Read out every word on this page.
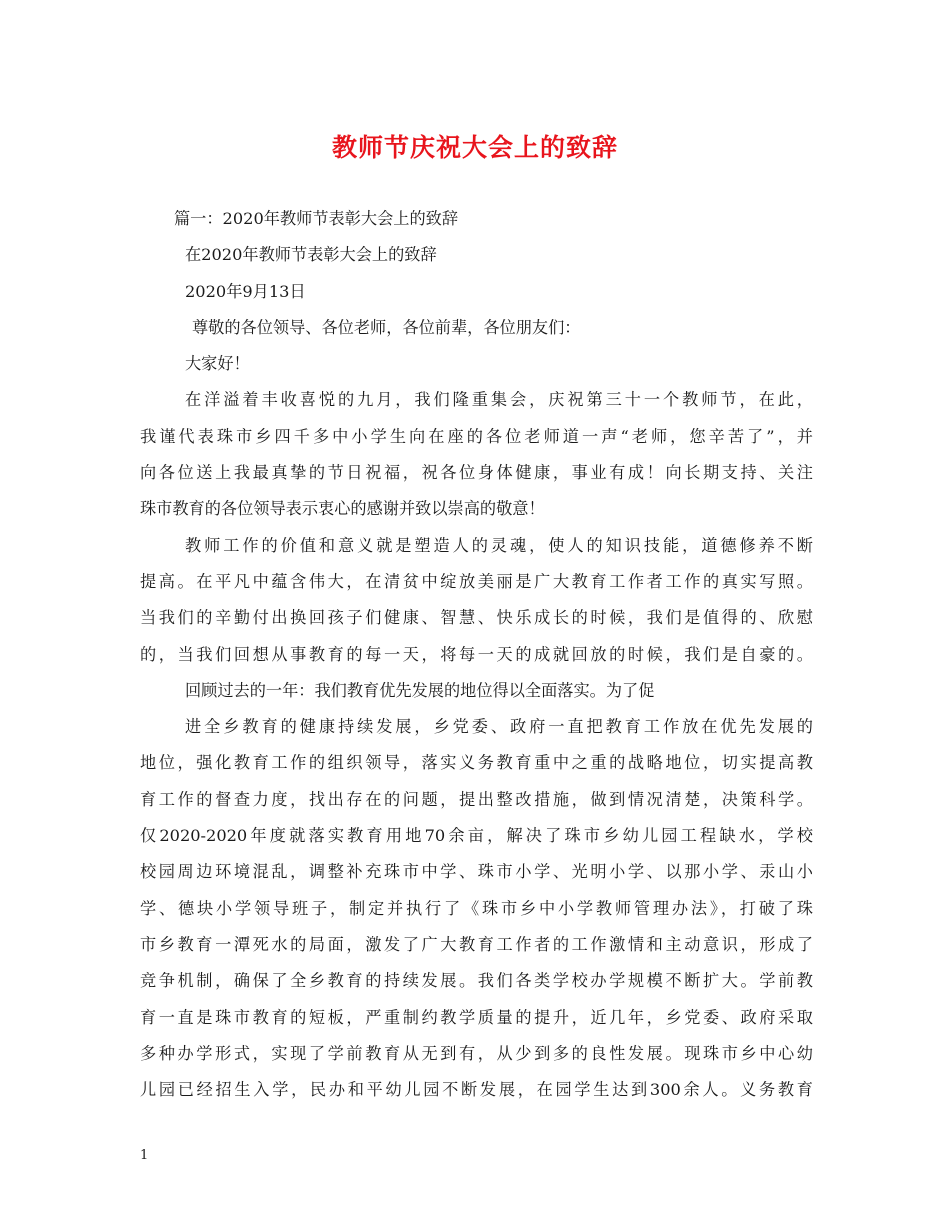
教师节庆祝大会上的致辞
篇一：2020年教师节表彰大会上的致辞
在2020年教师节表彰大会上的致辞
2020年9月13日
尊敬的各位领导、各位老师，各位前辈，各位朋友们：
大家好！
在洋溢着丰收喜悦的九月，我们隆重集会，庆祝第三十一个教师节，在此，
我谨代表珠市乡四千多中小学生向在座的各位老师道一声“老师，您辛苦了”，并
向各位送上我最真挚的节日祝福，祝各位身体健康，事业有成！向长期支持、关注
珠市教育的各位领导表示衷心的感谢并致以崇高的敬意！
教师工作的价值和意义就是塑造人的灵魂，使人的知识技能，道德修养不断
提高。在平凡中蕴含伟大，在清贫中绽放美丽是广大教育工作者工作的真实写照。
当我们的辛勤付出换回孩子们健康、智慧、快乐成长的时候，我们是值得的、欣慰
的，当我们回想从事教育的每一天，将每一天的成就回放的时候，我们是自豪的。
回顾过去的一年：我们教育优先发展的地位得以全面落实。为了促
进全乡教育的健康持续发展，乡党委、政府一直把教育工作放在优先发展的
地位，强化教育工作的组织领导，落实义务教育重中之重的战略地位，切实提高教
育工作的督查力度，找出存在的问题，提出整改措施，做到情况清楚，决策科学。
仅2020-2020年度就落实教育用地70余亩，解决了珠市乡幼儿园工程缺水，学校
校园周边环境混乱，调整补充珠市中学、珠市小学、光明小学、以那小学、汞山小
学、德块小学领导班子，制定并执行了《珠市乡中小学教师管理办法》，打破了珠
市乡教育一潭死水的局面，激发了广大教育工作者的工作激情和主动意识，形成了
竞争机制，确保了全乡教育的持续发展。我们各类学校办学规模不断扩大。学前教
育一直是珠市教育的短板，严重制约教学质量的提升，近几年，乡党委、政府采取
多种办学形式，实现了学前教育从无到有，从少到多的良性发展。现珠市乡中心幼
儿园已经招生入学，民办和平幼儿园不断发展，在园学生达到300余人。义务教育
1
